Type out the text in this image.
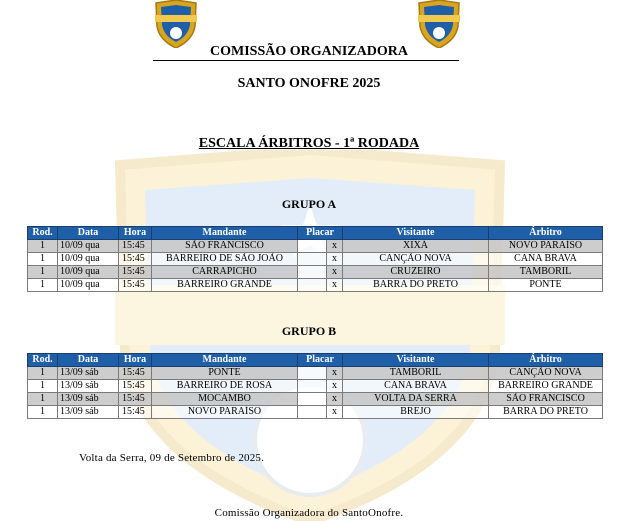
COMISSÃO ORGANIZADORA
SANTO ONOFRE 2025
ESCALA ÁRBITROS - 1ª RODADA
GRUPO A
Rod.	Data	Hora	Mandante	Placar		Visitante	Árbitro
1	10/09 qua	15:45	SÃO FRANCISCO		x	XIXÁ	NOVO PARAÍSO
1	10/09 qua	15:45	BARREIRO DE SÃO JOÃO		x	CANÇÃO NOVA	CANA BRAVA
1	10/09 qua	15:45	CARRAPICHO		x	CRUZEIRO	TAMBORIL
1	10/09 qua	15:45	BARREIRO GRANDE		x	BARRA DO PRETO	PONTE
GRUPO B
Rod.	Data	Hora	Mandante	Placar		Visitante	Árbitro
1	13/09 sáb	15:45	PONTE		x	TAMBORIL	CANÇÃO NOVA
1	13/09 sáb	15:45	BARREIRO DE ROSA		x	CANA BRAVA	BARREIRO GRANDE
1	13/09 sáb	15:45	MOCAMBO		x	VOLTA DA SERRA	SÃO FRANCISCO
1	13/09 sáb	15:45	NOVO PARAÍSO		x	BREJO	BARRA DO PRETO
Volta da Serra, 09 de Setembro de 2025.
Comissão Organizadora do SantoOnofre.
